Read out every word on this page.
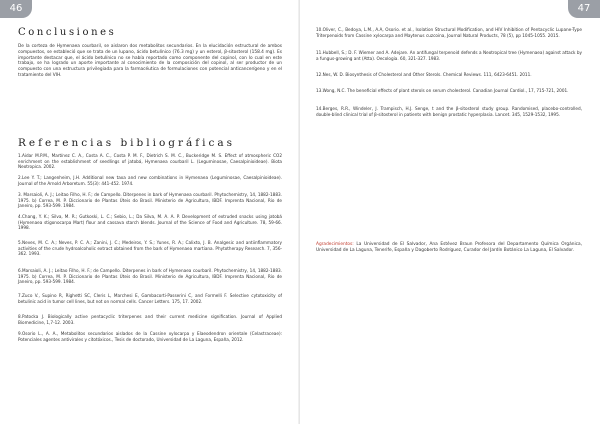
46
Conclusiones

De la corteza de Hymenaea courbaril, se aislaron dos metabolitos secundarios. En la elucidación estructural de ambos compuestos, se estableció que se trata de un lupano, ácido betulínico (76.3 mg) y un esterol, β-sitosterol (158.4 mg). Es importante destacar que, el ácido betulínico no se había reportado como componente del copinol, con lo cual en este trabajo, se ha logrado un aporte importante al conocimiento de la composición del copinol, al ser productor de un compuesto con una estructura privilegiada para la farmacéutica de formulaciones con potencial anticancerígeno y en el tratamiento del VIH.

Referencias bibliográficas

1.Aidar M.P.M., Martínez C. A., Costa A. C., Costa P. M. F., Dietrich S. M. C., Buckeridge M. S. Effect of atmospheric CO2 enrichment on the establishment of seedlings of jatobá, Hymenaea courbaril L. (Leguminosae, Caesalpinioideae). Biota Neotropica. 2002.

2.Lee Y. T.; Langenheim, J.H. Additional new taxa and new combinations in Hymenaea (Leguminosae, Caesalpinioideae). Journal of the Arnold Arboretum. 55(3): 441-452. 1974.

3. Marsaioli, A. J.; Leitao Filho, H. F.; de Campello. Diterpenes in bark of Hymenaea courbaril. Phytochemistry, 14, 1882-1883. 1975. b) Correa, M. P. Diccionario de Plantas Úteis do Brasil. Ministerio de Agricultura, IBDF. Imprenta Nacional, Rio de Janeiro, pp. 593-599. 1984.

4.Chang, Y. K.; Silva, M. R.; Gutkoski, L. C.; Sebio, L.; Da Silva, M. A. A. P. Development of extruded snacks using jatobá (Hymenaea stigonocarpa Mart) flour and cassava starch blends. Journal of the Science of Food and Agriculture. 78, 59-66. 1998.

5.Neves, M. C. A.; Neves, P. C. A.; Zanini, J. C.; Medeiros, Y. S.; Yunes, R. A.; Calixto, J. B. Analgesic and antiinflammatory activities of the crude hydroalcoholic extract obtained from the bark of Hymenaea martiana. Phytotherapy Research. 7, 356-362. 1993.

6.Marsaioli, A. J.; Leitao Filho, H. F.; de Campello. Diterpenes in bark of Hymenaea courbaril. Phytochemistry, 14, 1882-1883. 1975. b) Correa, M. P. Diccionario de Plantas Úteis do Brasil. Ministerio de Agricultura, IBDF. Imprenta Nacional, Rio de Janeiro, pp. 593-599. 1984.

7.Zuco V., Supino R, Righetti SC, Cleris L, Marchesi E, Gambacorti-Passerini C, and Formelli F. Selective cytotoxicity of betulinic acid in tumor cell lines, but not on normal cells. Cancer Letters. 175, 17. 2002.

8.Patocka J. Biologically active pentacyclic triterpenes and their current medicine signification. Journal of Applied Biomedicine, 1,7-12. 2003.

9.Osorio L., A. A., Metabolitos secundarios aislados de la Cassine xylocarpa y Elaeodendron orientale (Celastraceae): Potenciales agentes antivirales y citotóxicos., Tesis de doctorado, Universidad de La Laguna, España, 2012.

47

10.Oliver, C., Bedoya, L.M., A.A, Osorio. et al., Isolation Structural Modification, and HIV Inhibition of Pentacyclic Lupane-Type Triterpenoids from Cassine xylocarpa and Maytenus cuzcoina, Journal Natural Products, 78 (5), pp 1045-1055. 2015.

11.Hubbell, S.; D. F. Wiemer and A. Adejare. An antifungal terpenoid defends a Neotropical tree (Hymenaea) against attack by a fungus-growing ant (Atta). Oecologia. 60, 321-327. 1983.

12.Nes, W. D. Biosynthesis of Cholesterol and Other Sterols. Chemical Reviews. 111, 6423-6451. 2011.

13.Wong, N.C. The beneficial effects of plant sterols on serum cholesterol. Canadian Journal Cardiol., 17, 715-721, 2001.

14.Berges, R.R., Windeler, J. Trampisch, H.J. Senge, t and the β-sitosterol study group. Randomised, placebo-controlled, double-blind clinical trial of β-sitosterol in patients with benign prostatic hyperplasia. Lancet. 345, 1529-1532, 1995.

Agradecimientos: La Universidad de El Salvador, Ana Estévez Braun Profesora del Departamento Química Orgánica, Universidad de La Laguna, Tenerife, España y Dagoberto Rodríguez, Curador del Jardín Botánico La Laguna, El Salvador.
